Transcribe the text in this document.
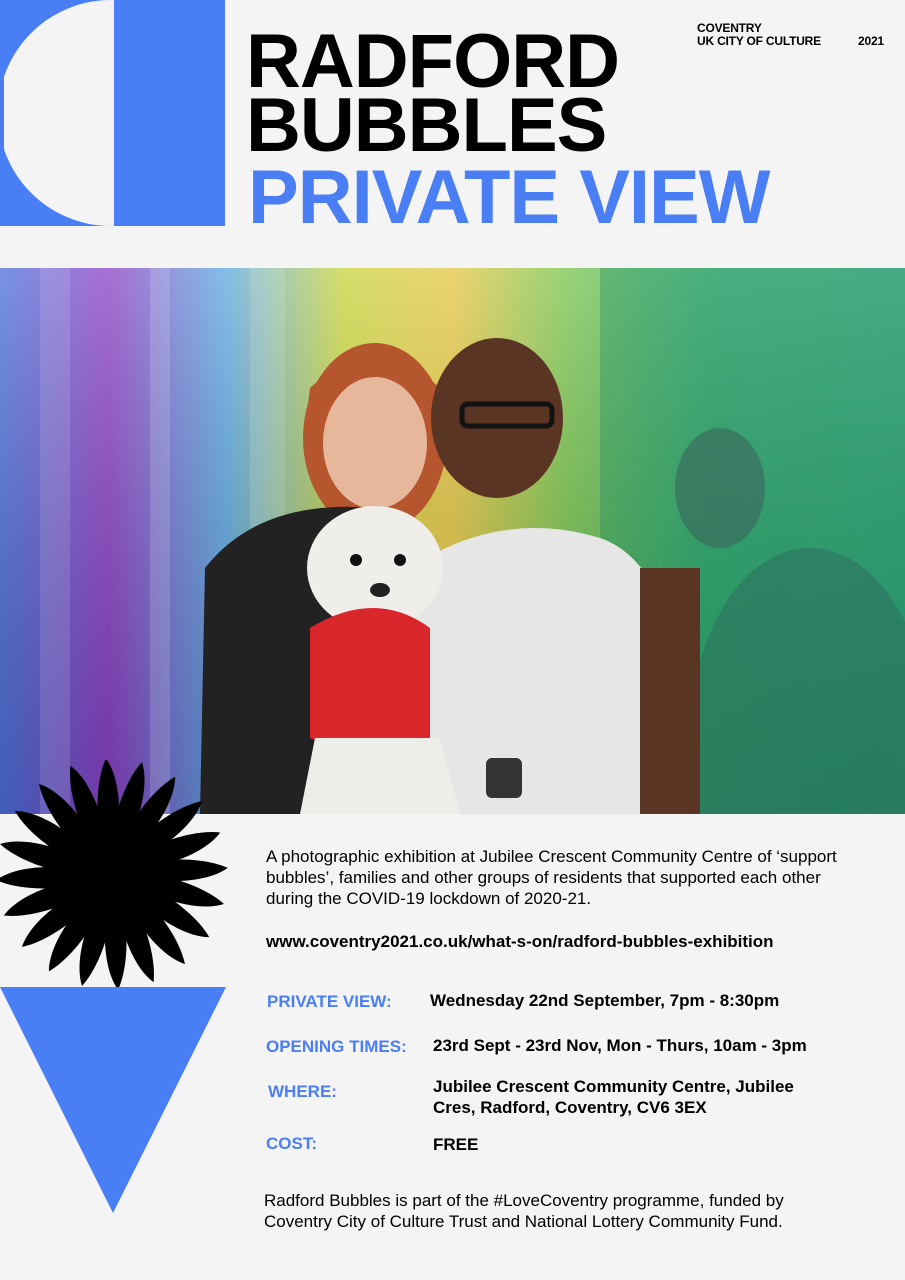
COVENTRY
UK CITY OF CULTURE	2021
RADFORD
BUBBLES
PRIVATE VIEW
A photographic exhibition at Jubilee Crescent Community Centre of ‘support bubbles’, families and other groups of residents that supported each other during the COVID-19 lockdown of 2020-21.
www.coventry2021.co.uk/what-s-on/radford-bubbles-exhibition
PRIVATE VIEW: Wednesday 22nd September, 7pm - 8:30pm
OPENING TIMES: 23rd Sept - 23rd Nov, Mon - Thurs, 10am - 3pm
WHERE:	Jubilee Crescent Community Centre, Jubilee
Cres, Radford, Coventry, CV6 3EX
COST:	FREE
Radford Bubbles is part of the #LoveCoventry programme, funded by
Coventry City of Culture Trust and National Lottery Community Fund.
